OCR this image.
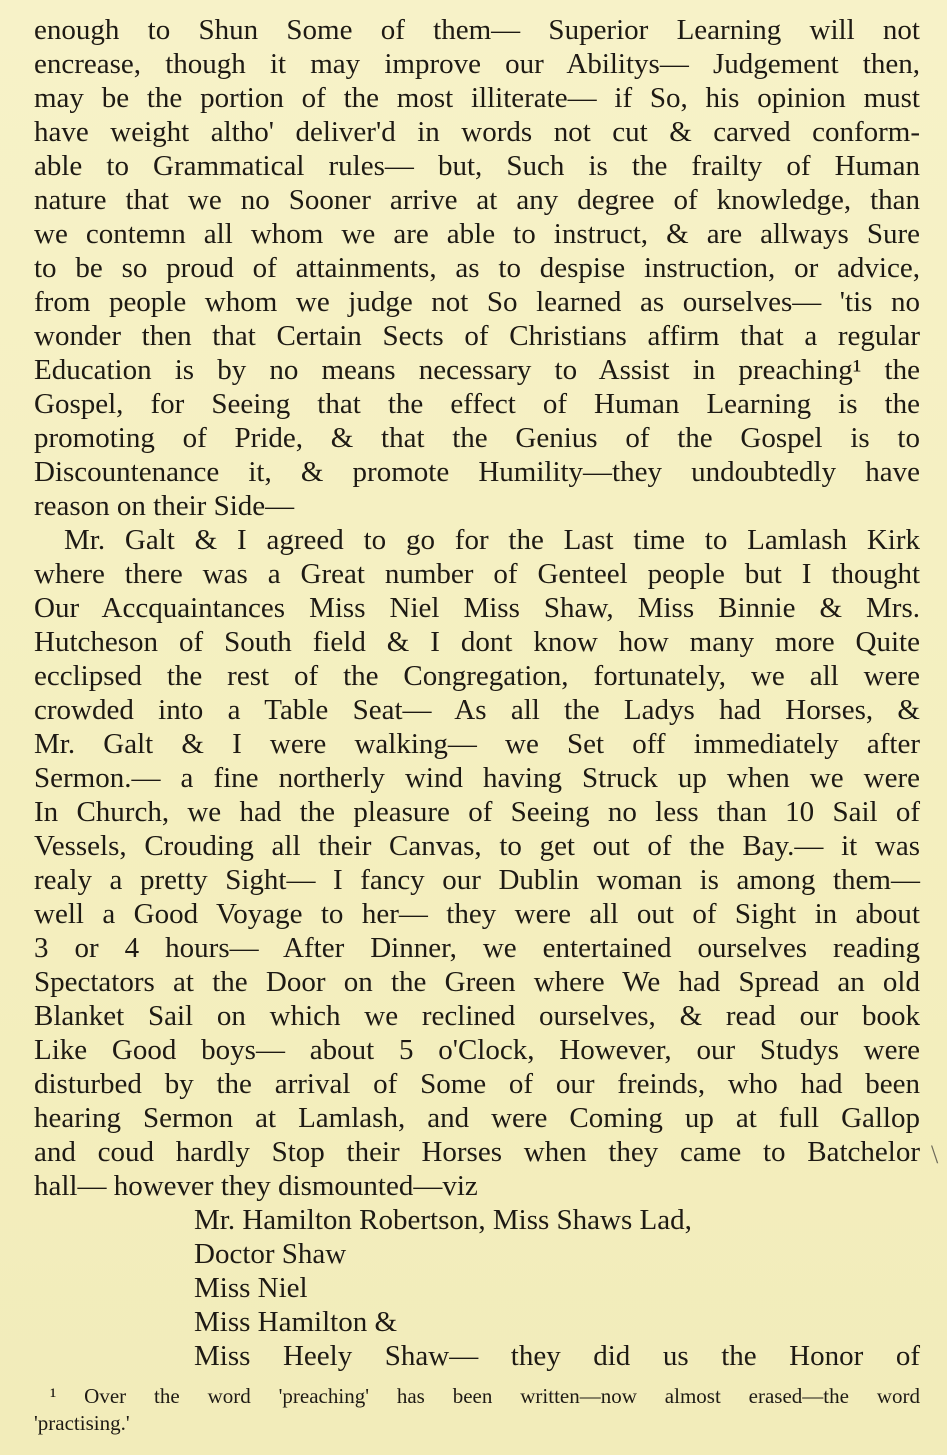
enough to Shun Some of them— Superior Learning will not
encrease, though it may improve our Abilitys— Judgement then,
may be the portion of the most illiterate— if So, his opinion must
have weight altho' deliver'd in words not cut & carved conform-
able to Grammatical rules— but, Such is the frailty of Human
nature that we no Sooner arrive at any degree of knowledge, than
we contemn all whom we are able to instruct, & are allways Sure
to be so proud of attainments, as to despise instruction, or advice,
from people whom we judge not So learned as ourselves— 'tis no
wonder then that Certain Sects of Christians affirm that a regular
Education is by no means necessary to Assist in preaching¹ the
Gospel, for Seeing that the effect of Human Learning is the
promoting of Pride, & that the Genius of the Gospel is to
Discountenance it, & promote Humility—they undoubtedly have
reason on their Side—
Mr. Galt & I agreed to go for the Last time to Lamlash Kirk
where there was a Great number of Genteel people but I thought
Our Accquaintances Miss Niel Miss Shaw, Miss Binnie & Mrs.
Hutcheson of South field & I dont know how many more Quite
ecclipsed the rest of the Congregation, fortunately, we all were
crowded into a Table Seat— As all the Ladys had Horses, &
Mr. Galt & I were walking— we Set off immediately after
Sermon.— a fine northerly wind having Struck up when we were
In Church, we had the pleasure of Seeing no less than 10 Sail of
Vessels, Crouding all their Canvas, to get out of the Bay.— it was
realy a pretty Sight— I fancy our Dublin woman is among them—
well a Good Voyage to her— they were all out of Sight in about
3 or 4 hours— After Dinner, we entertained ourselves reading
Spectators at the Door on the Green where We had Spread an old
Blanket Sail on which we reclined ourselves, & read our book
Like Good boys— about 5 o'Clock, However, our Studys were
disturbed by the arrival of Some of our freinds, who had been
hearing Sermon at Lamlash, and were Coming up at full Gallop
and coud hardly Stop their Horses when they came to Batchelor
hall— however they dismounted—viz
Mr. Hamilton Robertson, Miss Shaws Lad,
Doctor Shaw
Miss Niel
Miss Hamilton &
Miss Heely Shaw— they did us the Honor of
\
¹ Over the word 'preaching' has been written—now almost erased—the word
'practising.'
